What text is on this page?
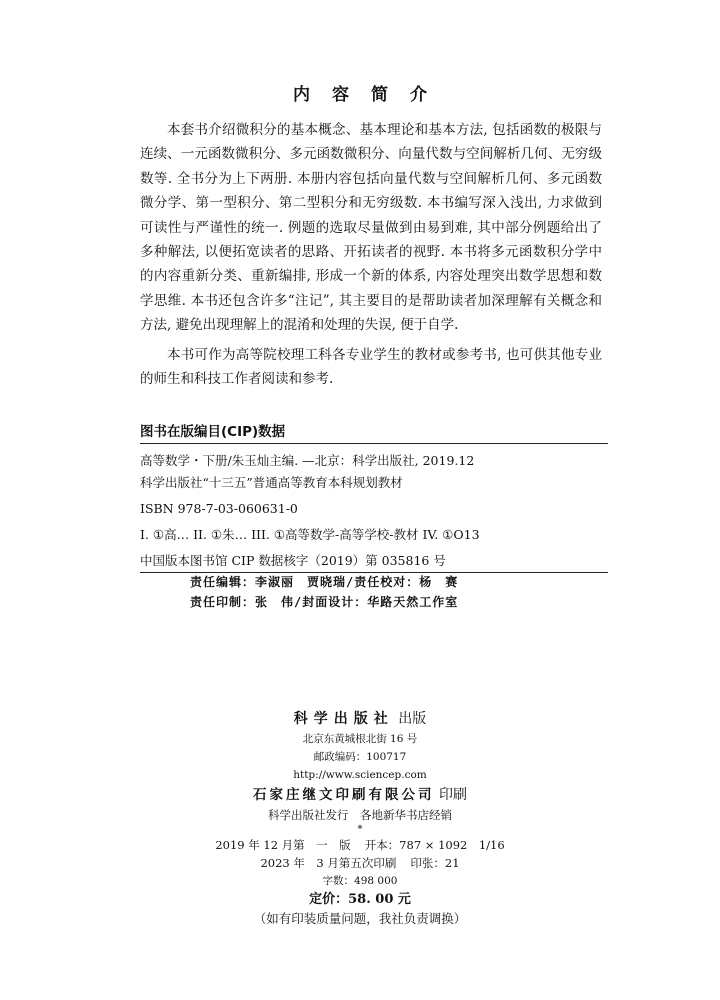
内容简介

本套书介绍微积分的基本概念、基本理论和基本方法, 包括函数的极限与连续、一元函数微积分、多元函数微积分、向量代数与空间解析几何、无穷级数等. 全书分为上下两册. 本册内容包括向量代数与空间解析几何、多元函数微分学、第一型积分、第二型积分和无穷级数. 本书编写深入浅出, 力求做到可读性与严谨性的统一. 例题的选取尽量做到由易到难, 其中部分例题给出了多种解法, 以便拓宽读者的思路、开拓读者的视野. 本书将多元函数积分学中的内容重新分类、重新编排, 形成一个新的体系, 内容处理突出数学思想和数学思维. 本书还包含许多“注记”, 其主要目的是帮助读者加深理解有关概念和方法, 避免出现理解上的混淆和处理的失误, 便于自学.

本书可作为高等院校理工科各专业学生的教材或参考书, 也可供其他专业的师生和科技工作者阅读和参考.

图书在版编目(CIP)数据
高等数学・下册/朱玉灿主编. —北京：科学出版社, 2019.12
科学出版社“十三五”普通高等教育本科规划教材
ISBN 978-7-03-060631-0
I. ①高… II. ①朱… III. ①高等数学-高等学校-教材 IV. ①O13
中国版本图书馆 CIP 数据核字（2019）第 035816 号
责任编辑：李淑丽　贾晓瑞/责任校对：杨　赛
责任印制：张　伟/封面设计：华路天然工作室
科学出版社 出版
北京东黄城根北街 16 号
邮政编码：100717
http://www.sciencep.com
石家庄继文印刷有限公司 印刷
科学出版社发行　各地新华书店经销
*
2019 年 12 月第　一　版 开本：787 × 1092　1/16
2023 年　3 月第五次印刷 印张：21
字数：498 000
定价：58. 00 元
（如有印装质量问题，我社负责调换）
